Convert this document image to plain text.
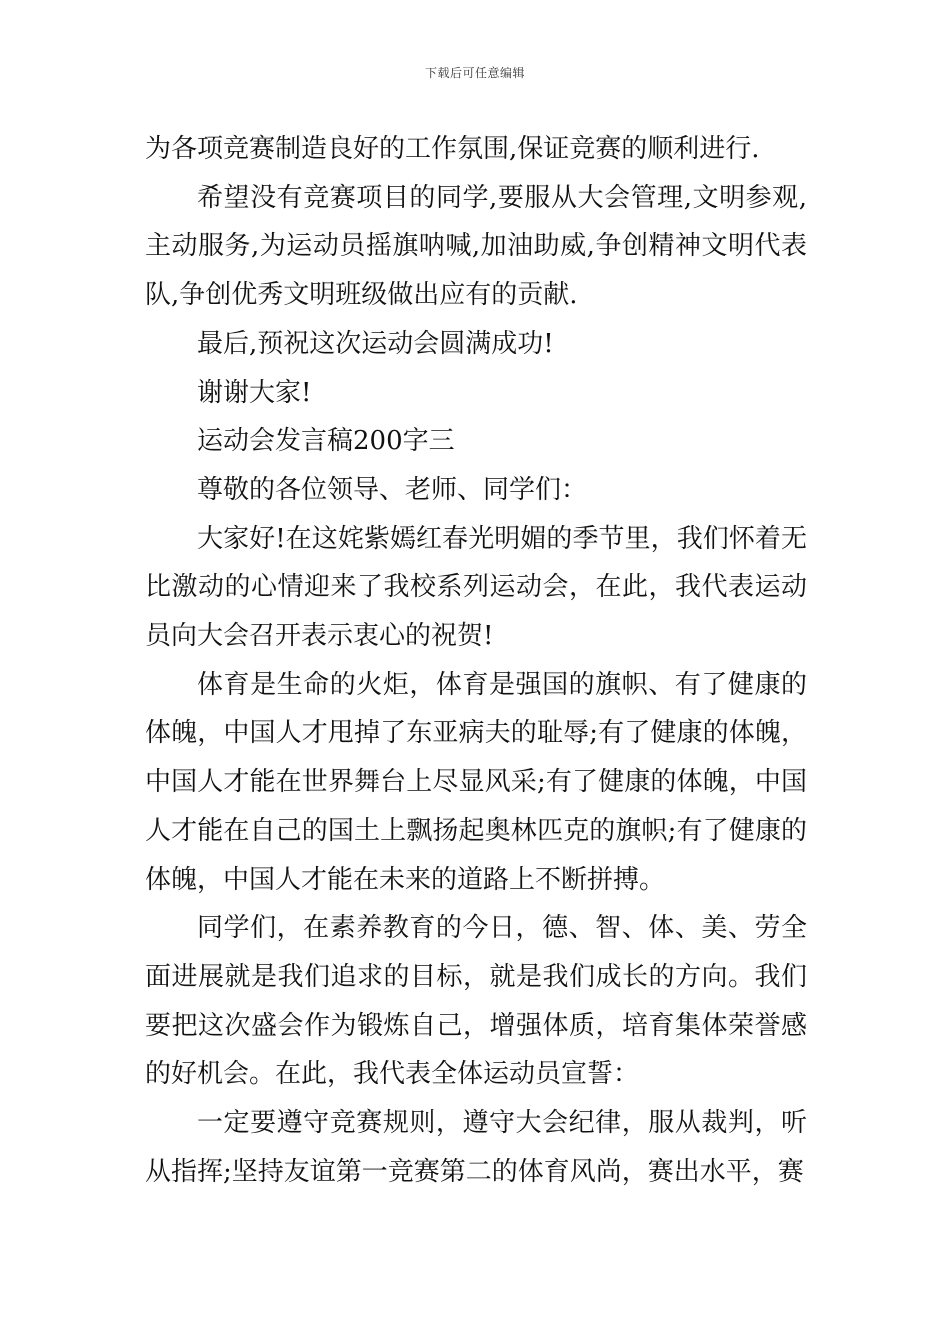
下载后可任意编辑

为各项竞赛制造良好的工作氛围,保证竞赛的顺利进行.

希望没有竞赛项目的同学,要服从大会管理,文明参观,主动服务,为运动员摇旗呐喊,加油助威,争创精神文明代表队,争创优秀文明班级做出应有的贡献.

最后,预祝这次运动会圆满成功!

谢谢大家!

运动会发言稿200字三

尊敬的各位领导、老师、同学们：

大家好!在这姹紫嫣红春光明媚的季节里，我们怀着无比激动的心情迎来了我校系列运动会，在此，我代表运动员向大会召开表示衷心的祝贺!

体育是生命的火炬，体育是强国的旗帜、有了健康的体魄，中国人才甩掉了东亚病夫的耻辱;有了健康的体魄，中国人才能在世界舞台上尽显风采;有了健康的体魄，中国人才能在自己的国土上飘扬起奥林匹克的旗帜;有了健康的体魄，中国人才能在未来的道路上不断拼搏。

同学们，在素养教育的今日，德、智、体、美、劳全面进展就是我们追求的目标，就是我们成长的方向。我们要把这次盛会作为锻炼自己，增强体质，培育集体荣誉感的好机会。在此，我代表全体运动员宣誓：

一定要遵守竞赛规则，遵守大会纪律，服从裁判，听从指挥;坚持友谊第一竞赛第二的体育风尚，赛出水平，赛
